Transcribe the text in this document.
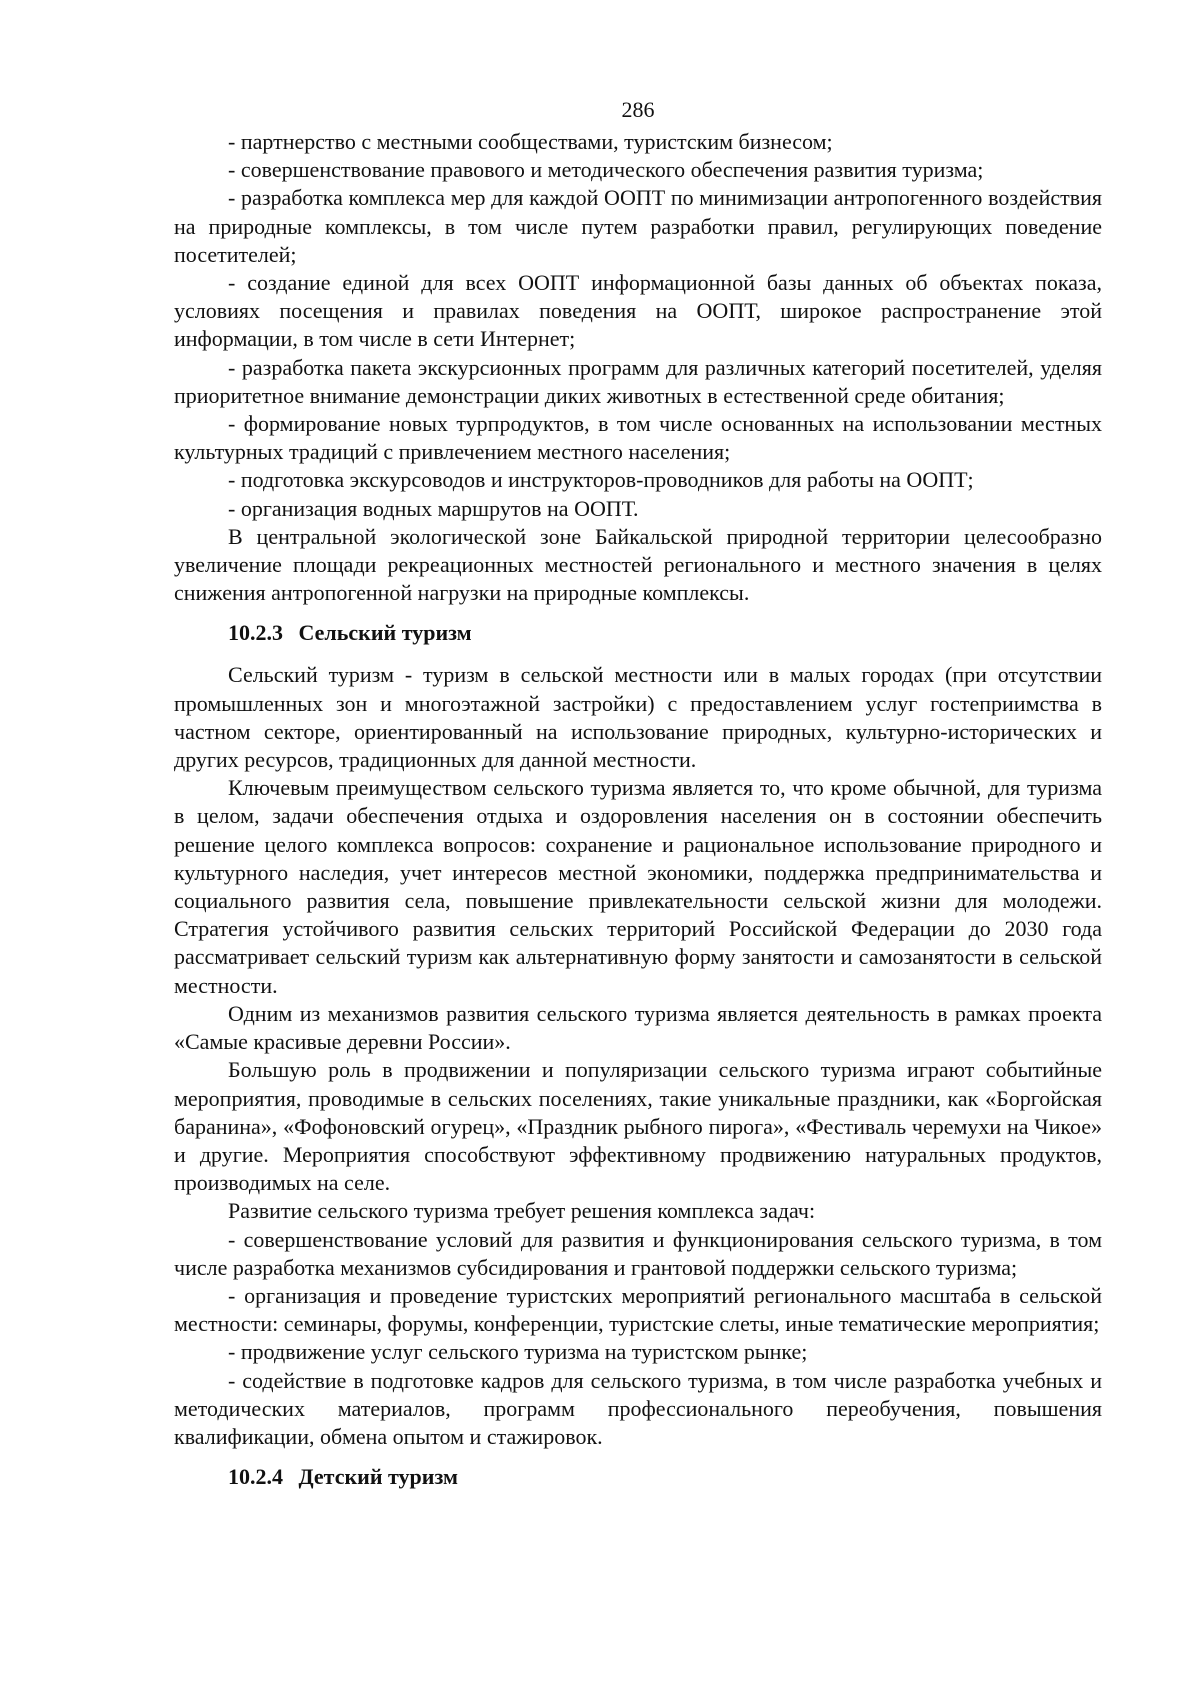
286

- партнерство с местными сообществами, туристским бизнесом;

- совершенствование правового и методического обеспечения развития туризма;

- разработка комплекса мер для каждой ООПТ по минимизации антропогенного воздействия на природные комплексы, в том числе путем разработки правил, регулирующих поведение посетителей;

- создание единой для всех ООПТ информационной базы данных об объектах показа, условиях посещения и правилах поведения на ООПТ, широкое распространение этой информации, в том числе в сети Интернет;

- разработка пакета экскурсионных программ для различных категорий посетителей, уделяя приоритетное внимание демонстрации диких животных в естественной среде обитания;

- формирование новых турпродуктов, в том числе основанных на использовании местных культурных традиций с привлечением местного населения;

- подготовка экскурсоводов и инструкторов-проводников для работы на ООПТ;

- организация водных маршрутов на ООПТ.

В центральной экологической зоне Байкальской природной территории целесообразно увеличение площади рекреационных местностей регионального и местного значения в целях снижения антропогенной нагрузки на природные комплексы.

10.2.3 Сельский туризм

Сельский туризм - туризм в сельской местности или в малых городах (при отсутствии промышленных зон и многоэтажной застройки) с предоставлением услуг гостеприимства в частном секторе, ориентированный на использование природных, культурно-исторических и других ресурсов, традиционных для данной местности.

Ключевым преимуществом сельского туризма является то, что кроме обычной, для туризма в целом, задачи обеспечения отдыха и оздоровления населения он в состоянии обеспечить решение целого комплекса вопросов: сохранение и рациональное использование природного и культурного наследия, учет интересов местной экономики, поддержка предпринимательства и социального развития села, повышение привлекательности сельской жизни для молодежи. Стратегия устойчивого развития сельских территорий Российской Федерации до 2030 года рассматривает сельский туризм как альтернативную форму занятости и самозанятости в сельской местности.

Одним из механизмов развития сельского туризма является деятельность в рамках проекта «Самые красивые деревни России».

Большую роль в продвижении и популяризации сельского туризма играют событийные мероприятия, проводимые в сельских поселениях, такие уникальные праздники, как «Боргойская баранина», «Фофоновский огурец», «Праздник рыбного пирога», «Фестиваль черемухи на Чикое» и другие. Мероприятия способствуют эффективному продвижению натуральных продуктов, производимых на селе.

Развитие сельского туризма требует решения комплекса задач:

- совершенствование условий для развития и функционирования сельского туризма, в том числе разработка механизмов субсидирования и грантовой поддержки сельского туризма;

- организация и проведение туристских мероприятий регионального масштаба в сельской местности: семинары, форумы, конференции, туристские слеты, иные тематические мероприятия;

- продвижение услуг сельского туризма на туристском рынке;

- содействие в подготовке кадров для сельского туризма, в том числе разработка учебных и методических материалов, программ профессионального переобучения, повышения квалификации, обмена опытом и стажировок.

10.2.4 Детский туризм
